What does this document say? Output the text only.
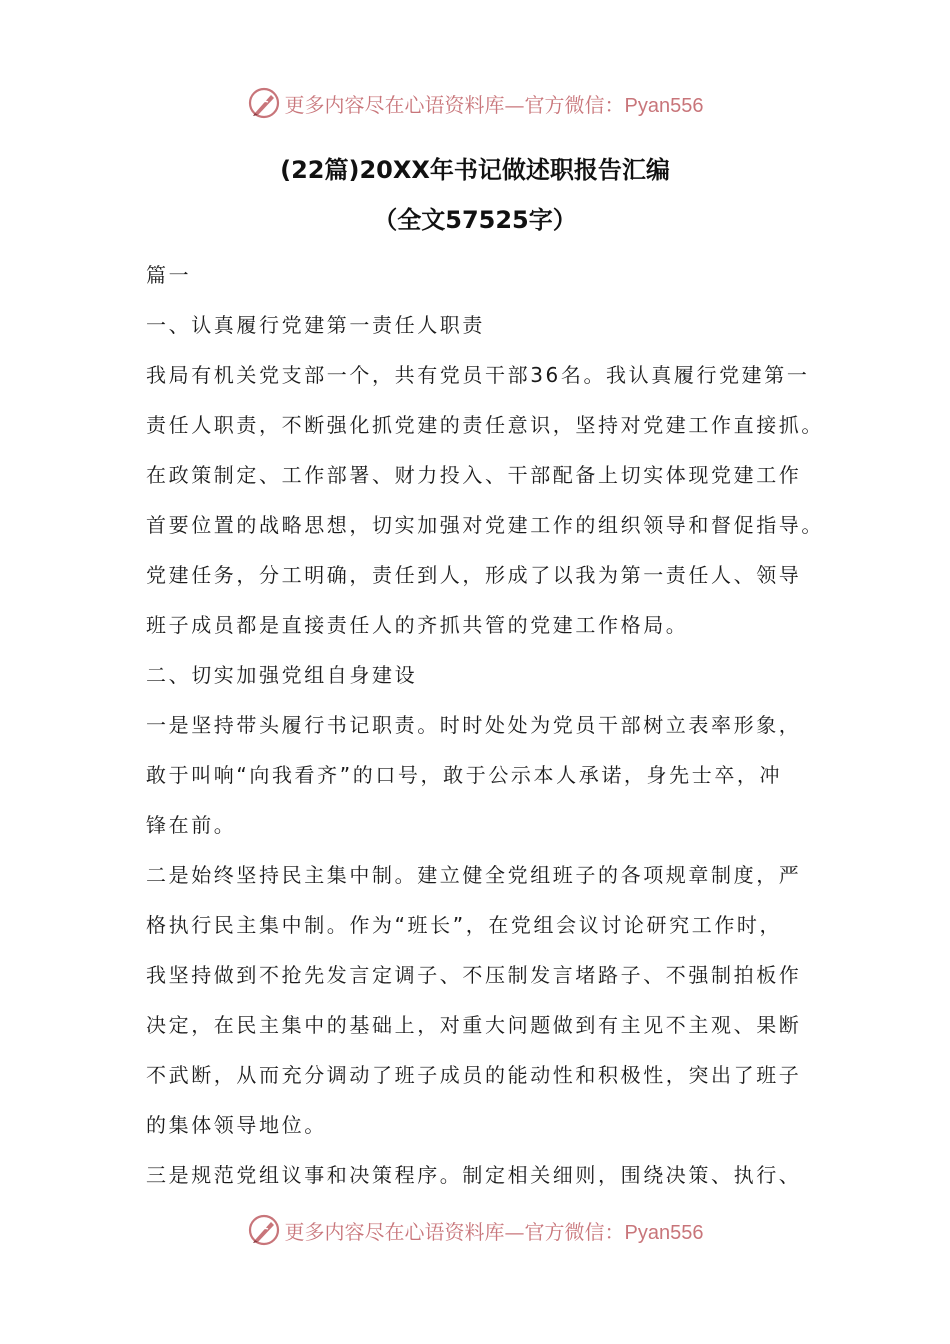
更多内容尽在心语资料库—官方微信：Pyan556
(22篇)20XX年书记做述职报告汇编
（全文57525字）
篇一
一、认真履行党建第一责任人职责
我局有机关党支部一个，共有党员干部36名。我认真履行党建第一
责任人职责，不断强化抓党建的责任意识，坚持对党建工作直接抓。
在政策制定、工作部署、财力投入、干部配备上切实体现党建工作
首要位置的战略思想，切实加强对党建工作的组织领导和督促指导。
党建任务，分工明确，责任到人，形成了以我为第一责任人、领导
班子成员都是直接责任人的齐抓共管的党建工作格局。
二、切实加强党组自身建设
一是坚持带头履行书记职责。时时处处为党员干部树立表率形象，
敢于叫响“向我看齐”的口号，敢于公示本人承诺，身先士卒，冲
锋在前。
二是始终坚持民主集中制。建立健全党组班子的各项规章制度，严
格执行民主集中制。作为“班长”，在党组会议讨论研究工作时，
我坚持做到不抢先发言定调子、不压制发言堵路子、不强制拍板作
决定，在民主集中的基础上，对重大问题做到有主见不主观、果断
不武断，从而充分调动了班子成员的能动性和积极性，突出了班子
的集体领导地位。
三是规范党组议事和决策程序。制定相关细则，围绕决策、执行、
更多内容尽在心语资料库—官方微信：Pyan556
